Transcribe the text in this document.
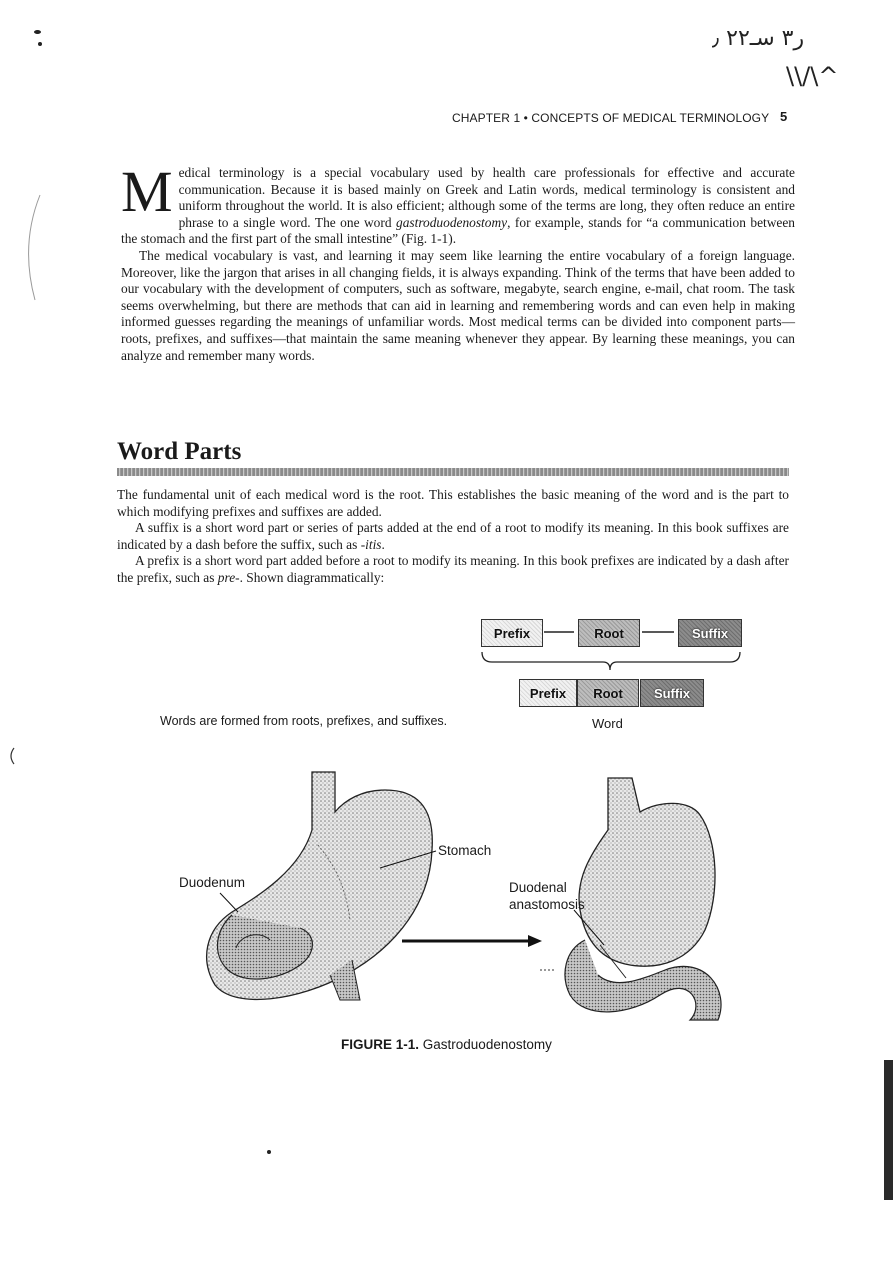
ر٣ سـ٢٢ ٫
\\/\^
CHAPTER 1 • CONCEPTS OF MEDICAL TERMINOLOGY 5

Medical terminology is a special vocabulary used by health care professionals for effective and accurate communication. Because it is based mainly on Greek and Latin words, medical terminology is consistent and uniform throughout the world. It is also efficient; although some of the terms are long, they often reduce an entire phrase to a single word. The one word gastroduodenostomy, for example, stands for “a communication between the stomach and the first part of the small intestine” (Fig. 1-1).

The medical vocabulary is vast, and learning it may seem like learning the entire vocabulary of a foreign language. Moreover, like the jargon that arises in all changing fields, it is always expanding. Think of the terms that have been added to our vocabulary with the development of computers, such as software, megabyte, search engine, e-mail, chat room. The task seems overwhelming, but there are methods that can aid in learning and remembering words and can even help in making informed guesses regarding the meanings of unfamiliar words. Most medical terms can be divided into component parts—roots, prefixes, and suffixes—that maintain the same meaning whenever they appear. By learning these meanings, you can analyze and remember many words.

Word Parts

The fundamental unit of each medical word is the root. This establishes the basic meaning of the word and is the part to which modifying prefixes and suffixes are added.

A suffix is a short word part or series of parts added at the end of a root to modify its meaning. In this book suffixes are indicated by a dash before the suffix, such as -itis.

A prefix is a short word part added before a root to modify its meaning. In this book prefixes are indicated by a dash after the prefix, such as pre-. Shown diagrammatically:

Prefix	Root	Suffix
Prefix Root Suffix
Word
Words are formed from roots, prefixes, and suffixes.
Stomach
Duodenum	Duodenal
anastomosis
FIGURE 1-1. Gastroduodenostomy
